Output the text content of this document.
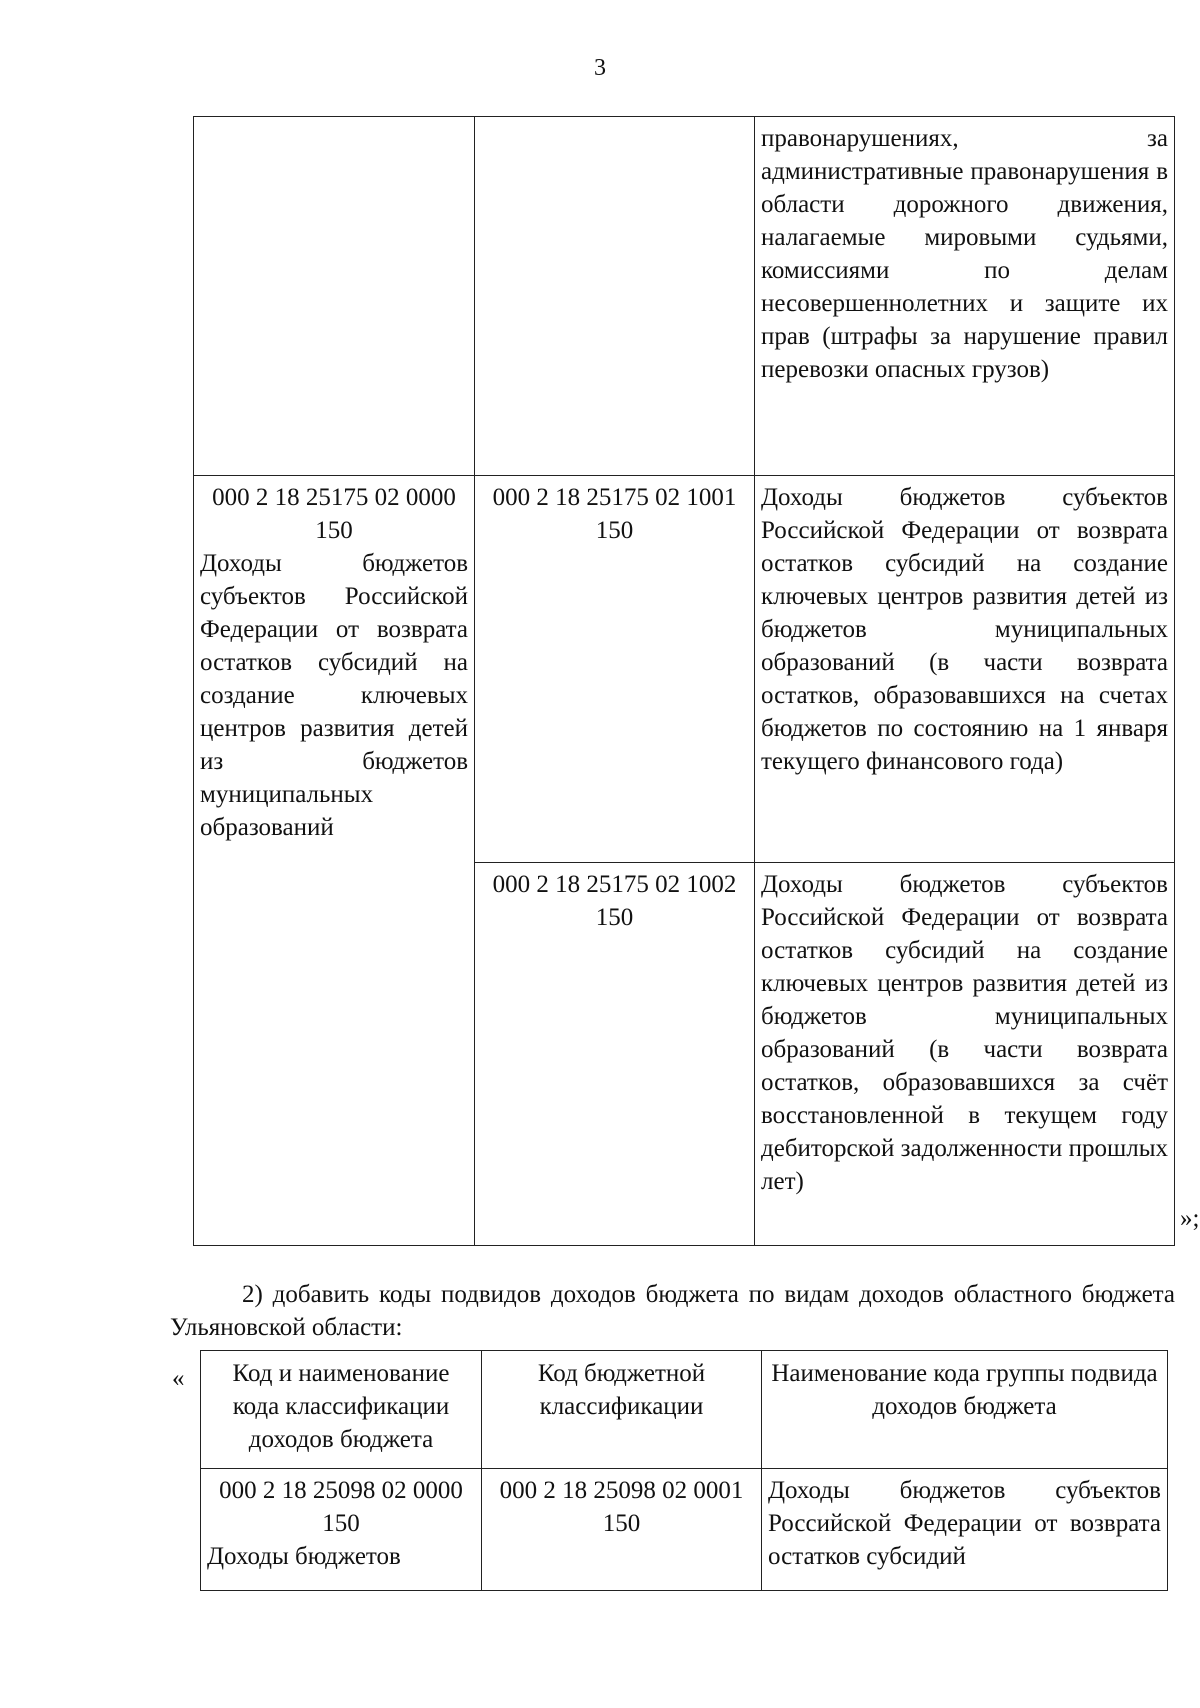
3
		правонарушениях, за административные правонарушения в области дорожного движения, налагаемые мировыми судьями, комиссиями по делам несовершеннолетних и защите их прав (штрафы за нарушение правил перевозки опасных грузов)

000 2 18 25175 02 0000 150
Доходы бюджетов субъектов Российской Федерации от возврата остатков субсидий на создание ключевых центров развития детей из бюджетов муниципальных образований	000 2 18 25175 02 1001 150	Доходы бюджетов субъектов Российской Федерации от возврата остатков субсидий на создание ключевых центров развития детей из бюджетов муниципальных образований (в части возврата остатков, образовавшихся на счетах бюджетов по состоянию на 1 января текущего финансового года)
	000 2 18 25175 02 1002 150	Доходы бюджетов субъектов Российской Федерации от возврата остатков субсидий на создание ключевых центров развития детей из бюджетов муниципальных образований (в части возврата остатков, образовавшихся за счёт восстановленной в текущем году дебиторской задолженности прошлых лет)
»;
2) добавить коды подвидов доходов бюджета по видам доходов областного бюджета Ульяновской области:
« Код и наименование кода классификации доходов бюджета	Код бюджетной классификации	Наименование кода группы подвида доходов бюджета

000 2 18 25098 02 0000 150
Доходы бюджетов	000 2 18 25098 02 0001 150	Доходы бюджетов субъектов Российской Федерации от возврата остатков субсидий
